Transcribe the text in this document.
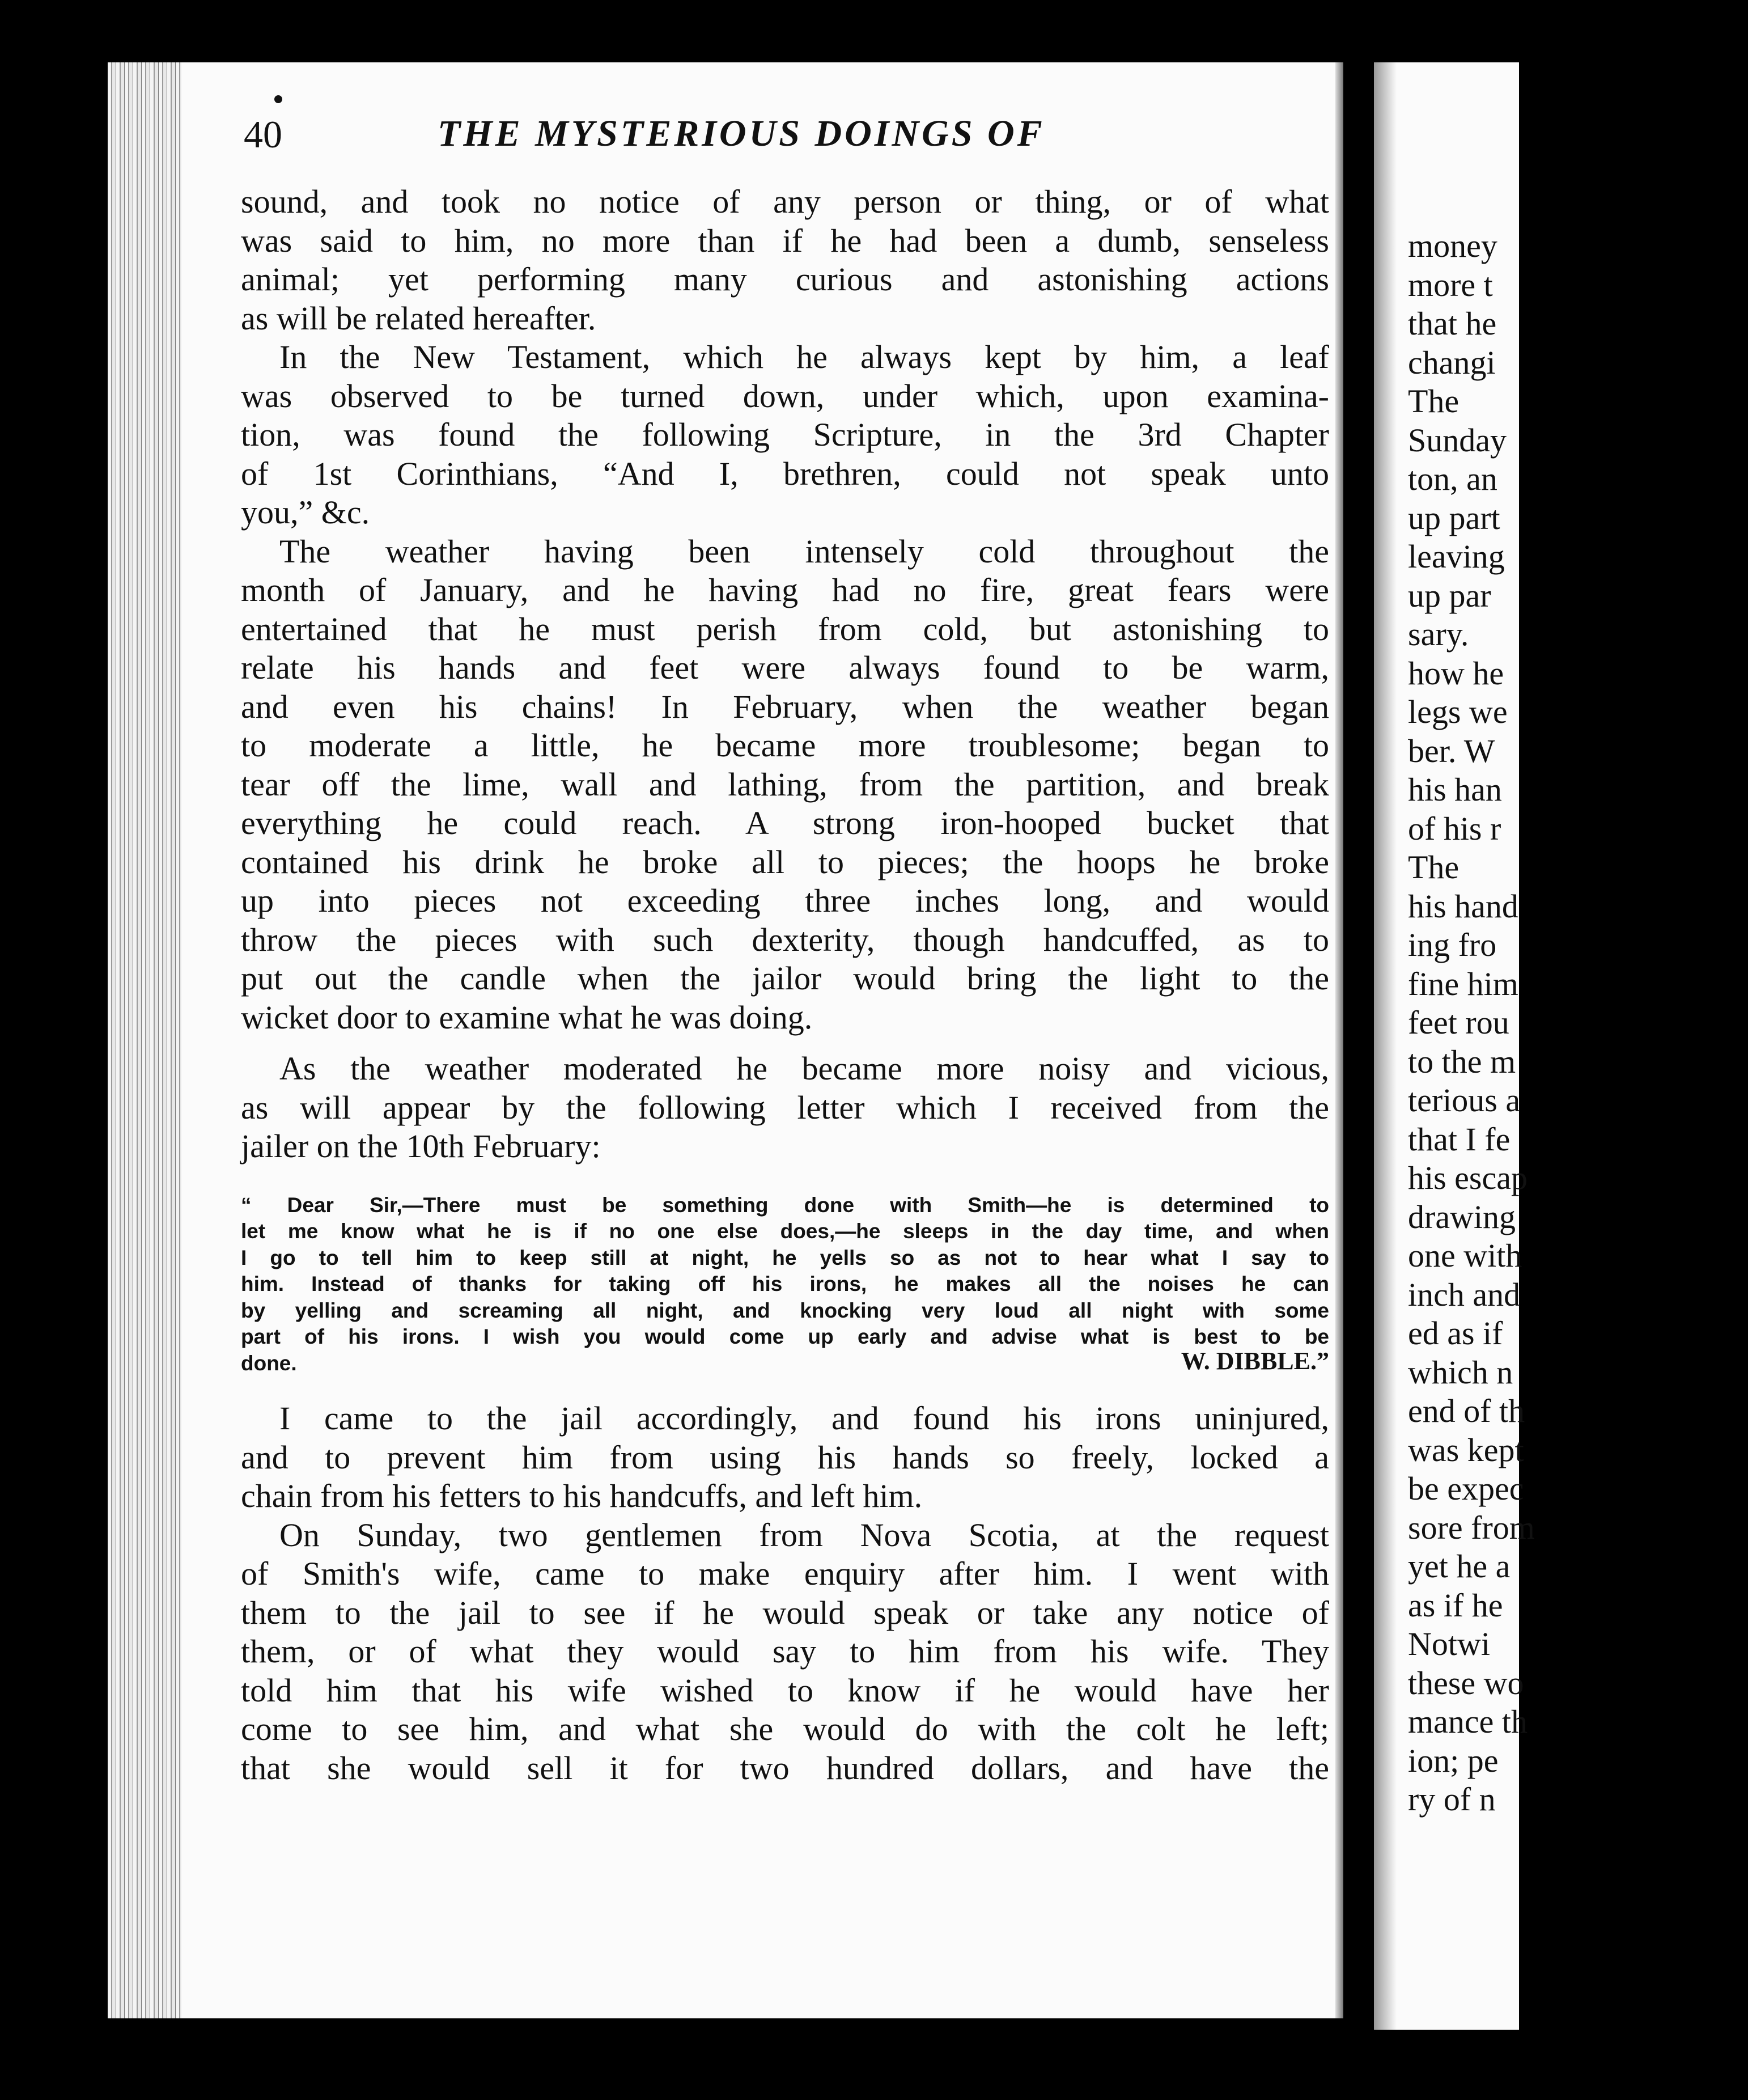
40	THE MYSTERIOUS DOINGS OF

sound, and took no notice of any person or thing, or of what
was said to him, no more than if he had been a dumb, senseless
animal; yet performing many curious and astonishing actions
as will be related hereafter.

In the New Testament, which he always kept by him, a leaf
was observed to be turned down, under which, upon examina-
tion, was found the following Scripture, in the 3rd Chapter
of 1st Corinthians, “And I, brethren, could not speak unto
you,” &c.

The weather having been intensely cold throughout the
month of January, and he having had no fire, great fears were
entertained that he must perish from cold, but astonishing to
relate his hands and feet were always found to be warm,
and even his chains! In February, when the weather began
to moderate a little, he became more troublesome; began to
tear off the lime, wall and lathing, from the partition, and break
everything he could reach. A strong iron-hooped bucket that
contained his drink he broke all to pieces; the hoops he broke
up into pieces not exceeding three inches long, and would
throw the pieces with such dexterity, though handcuffed, as to
put out the candle when the jailor would bring the light to the
wicket door to examine what he was doing.

As the weather moderated he became more noisy and vicious,
as will appear by the following letter which I received from the
jailer on the 10th February:

“ Dear Sir,—There must be something done with Smith—he is determined to
let me know what he is if no one else does,—he sleeps in the day time, and when
I go to tell him to keep still at night, he yells so as not to hear what I say to
him. Instead of thanks for taking off his irons, he makes all the noises he can
by yelling and screaming all night, and knocking very loud all night with some
part of his irons. I wish you would come up early and advise what is best to be
done.	W. DIBBLE.”

I came to the jail accordingly, and found his irons uninjured,
and to prevent him from using his hands so freely, locked a
chain from his fetters to his handcuffs, and left him.

On Sunday, two gentlemen from Nova Scotia, at the request
of Smith's wife, came to make enquiry after him. I went with
them to the jail to see if he would speak or take any notice of
them, or of what they would say to him from his wife. They
told him that his wife wished to know if he would have her
come to see him, and what she would do with the colt he left;
that she would sell it for two hundred dollars, and have the

money
more t
that he
changi
The
Sunday
ton, an
up part
leaving
up par
sary.
how he
legs we
ber. W
his han
of his r
The
his hand
ing fro
fine him
feet rou
to the m
terious a
that I fe
his escap
drawing
one with
inch and
ed as if
which n
end of th
was kept
be expec
sore from
yet he a
as if he
Notwi
these wo
mance th
ion; pe
ry of n
